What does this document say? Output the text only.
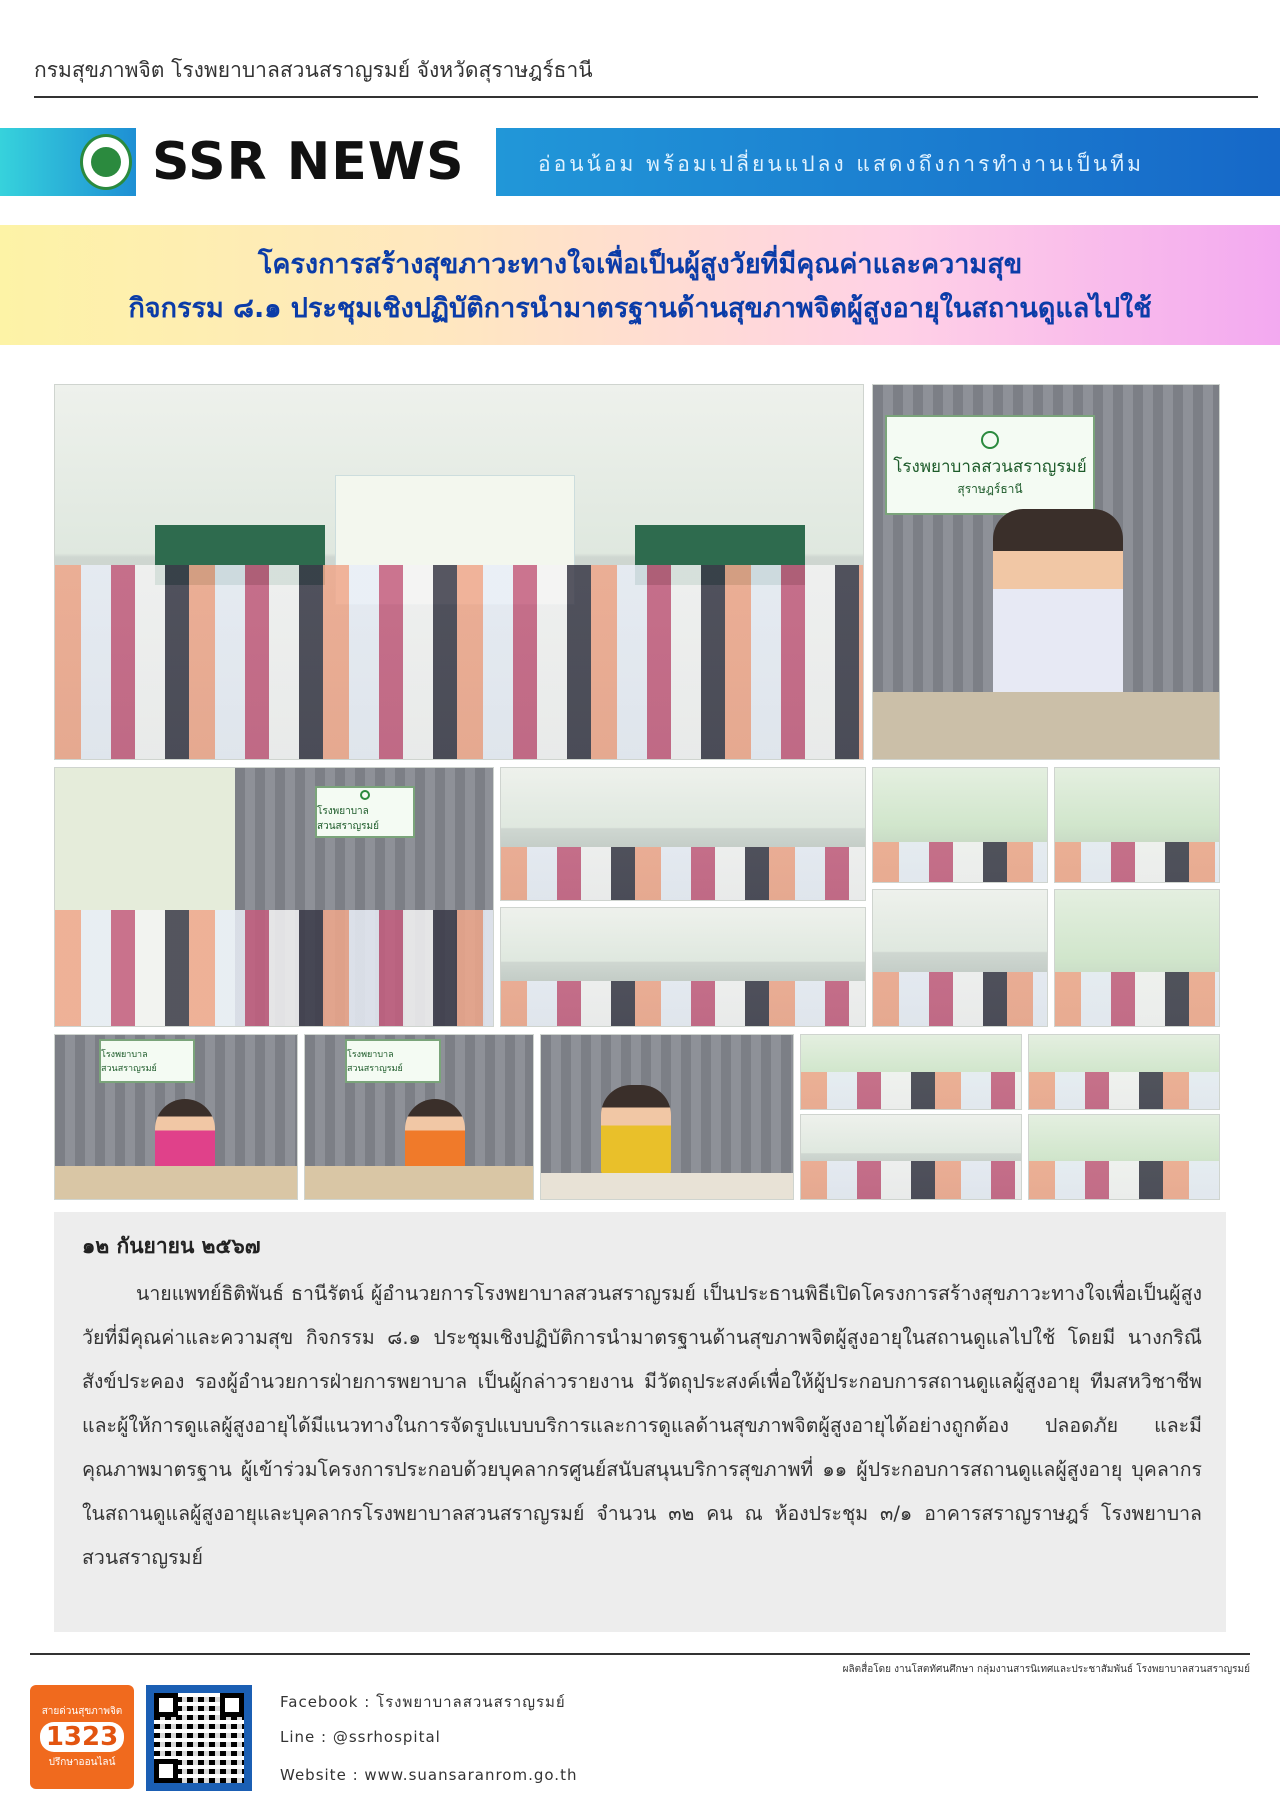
กรมสุขภาพจิต โรงพยาบาลสวนสราญรมย์ จังหวัดสุราษฎร์ธานี
SSR NEWS	อ่อนน้อม พร้อมเปลี่ยนแปลง แสดงถึงการทำงานเป็นทีม
โครงการสร้างสุขภาวะทางใจเพื่อเป็นผู้สูงวัยที่มีคุณค่าและความสุข
กิจกรรม ๘.๑ ประชุมเชิงปฏิบัติการนำมาตรฐานด้านสุขภาพจิตผู้สูงอายุในสถานดูแลไปใช้
โรงพยาบาลสวนสราญรมย์
สุราษฎร์ธานี
โรงพยาบาลสวนสราญรมย์
โรงพยาบาลสวนสราญรมย์
โรงพยาบาลสวนสราญรมย์
๑๒ กันยายน ๒๕๖๗
นายแพทย์ธิติพันธ์ ธานีรัตน์ ผู้อำนวยการโรงพยาบาลสวนสราญรมย์ เป็นประธานพิธีเปิดโครงการสร้างสุขภาวะทางใจเพื่อเป็นผู้สูงวัยที่มีคุณค่าและความสุข กิจกรรม ๘.๑ ประชุมเชิงปฏิบัติการนำมาตรฐานด้านสุขภาพจิตผู้สูงอายุในสถานดูแลไปใช้ โดยมี นางกริณี สังข์ประคอง รองผู้อำนวยการฝ่ายการพยาบาล เป็นผู้กล่าวรายงาน มีวัตถุประสงค์เพื่อให้ผู้ประกอบการสถานดูแลผู้สูงอายุ ทีมสหวิชาชีพ และผู้ให้การดูแลผู้สูงอายุได้มีแนวทางในการจัดรูปแบบบริการและการดูแลด้านสุขภาพจิตผู้สูงอายุได้อย่างถูกต้อง ปลอดภัย และมีคุณภาพมาตรฐาน ผู้เข้าร่วมโครงการประกอบด้วยบุคลากรศูนย์สนับสนุนบริการสุขภาพที่ ๑๑ ผู้ประกอบการสถานดูแลผู้สูงอายุ บุคลากรในสถานดูแลผู้สูงอายุและบุคลากรโรงพยาบาลสวนสราญรมย์ จำนวน ๓๒ คน ณ ห้องประชุม ๓/๑ อาคารสราญราษฎร์ โรงพยาบาลสวนสราญรมย์
ผลิตสื่อโดย งานโสตทัศนศึกษา กลุ่มงานสารนิเทศและประชาสัมพันธ์ โรงพยาบาลสวนสราญรมย์
สายด่วนสุขภาพจิต
1323
ปรึกษาออนไลน์
Facebook : โรงพยาบาลสวนสราญรมย์
Line : @ssrhospital
Website : www.suansaranrom.go.th
